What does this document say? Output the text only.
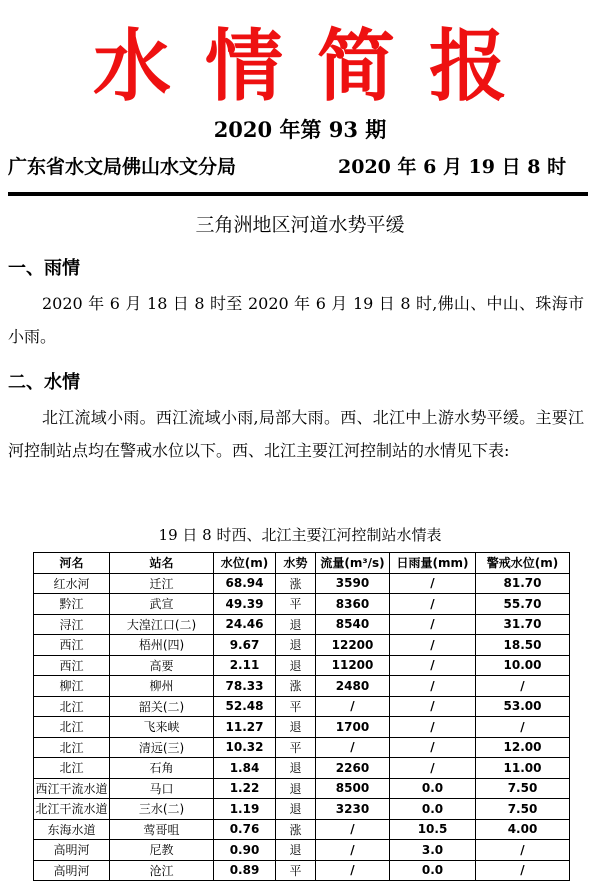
水情简报
2020 年第 93 期
广东省水文局佛山水文分局	2020 年 6 月 19 日 8 时
三角洲地区河道水势平缓
一、雨情
2020 年 6 月 18 日 8 时至 2020 年 6 月 19 日 8 时,佛山、中山、珠海市小雨。
二、水情
北江流域小雨。西江流域小雨,局部大雨。西、北江中上游水势平缓。主要江河控制站点均在警戒水位以下。西、北江主要江河控制站的水情见下表:
19 日 8 时西、北江主要江河控制站水情表
河名	站名	水位(m)	水势	流量(m³/s)	日雨量(mm)	警戒水位(m)
红水河	迁江	68.94	涨	3590	/	81.70
黔江	武宣	49.39	平	8360	/	55.70
浔江	大湟江口(二)	24.46	退	8540	/	31.70
西江	梧州(四)	9.67	退	12200	/	18.50
西江	高要	2.11	退	11200	/	10.00
柳江	柳州	78.33	涨	2480	/	/
北江	韶关(二)	52.48	平	/	/	53.00
北江	飞来峡	11.27	退	1700	/	/
北江	清远(三)	10.32	平	/	/	12.00
北江	石角	1.84	退	2260	/	11.00
西江干流水道	马口	1.22	退	8500	0.0	7.50
北江干流水道	三水(二)	1.19	退	3230	0.0	7.50
东海水道	莺哥咀	0.76	涨	/	10.5	4.00
高明河	尼教	0.90	退	/	3.0	/
高明河	沧江	0.89	平	/	0.0	/
